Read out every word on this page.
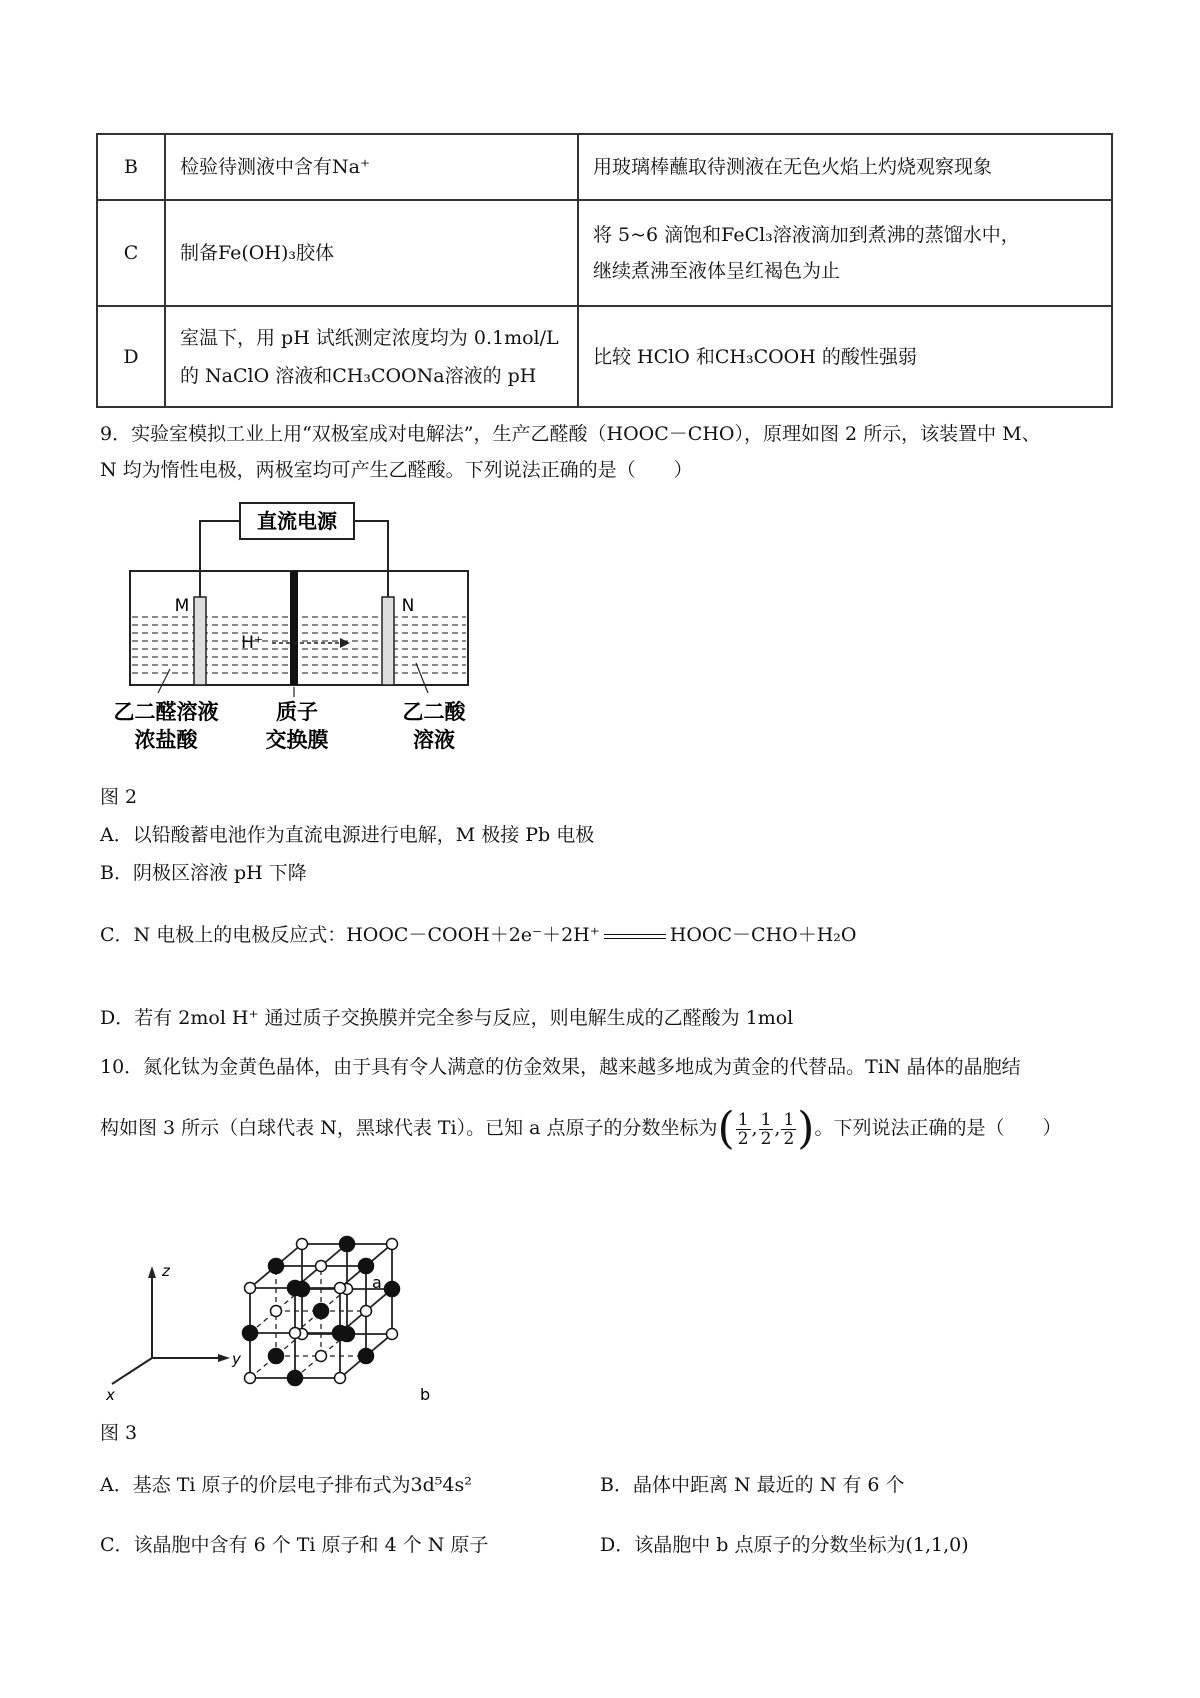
B	检验待测液中含有Na⁺	用玻璃棒蘸取待测液在无色火焰上灼烧观察现象
C	制备Fe(OH)₃胶体	将 5~6 滴饱和FeCl₃溶液滴加到煮沸的蒸馏水中，
继续煮沸至液体呈红褐色为止

D	室温下，用 pH 试纸测定浓度均为 0.1mol/L
的 NaClO 溶液和CH₃COONa溶液的 pH	比较 HClO 和CH₃COOH 的酸性强弱
9．实验室模拟工业上用“双极室成对电解法”，生产乙醛酸（HOOC－CHO），原理如图 2 所示，该装置中 M、
N 均为惰性电极，两极室均可产生乙醛酸。下列说法正确的是（　　）
直流电源
M	N
H⁺
乙二醛溶液
浓盐酸
质子
交换膜
乙二酸
溶液
图 2
A．以铅酸蓄电池作为直流电源进行电解，M 极接 Pb 电极
B．阴极区溶液 pH 下降
C．N 电极上的电极反应式：HOOC－COOH＋2e⁻＋2H⁺	HOOC－CHO＋H₂O
D．若有 2mol H⁺ 通过质子交换膜并完全参与反应，则电解生成的乙醛酸为 1mol
10．氮化钛为金黄色晶体，由于具有令人满意的仿金效果，越来越多地成为黄金的代替品。TiN 晶体的晶胞结
构如图 3 所示（白球代表 N，黑球代表 Ti）。已知 a 点原子的分数坐标为( $\frac{1}{2}$ , $\frac{1}{2}$ , $\frac{1}{2}$ )。下列说法正确的是（　　）
z
y
x
a
b
图 3
A．基态 Ti 原子的价层电子排布式为3d⁵4s²	B．晶体中距离 N 最近的 N 有 6 个
C．该晶胞中含有 6 个 Ti 原子和 4 个 N 原子	D．该晶胞中 b 点原子的分数坐标为(1,1,0)
